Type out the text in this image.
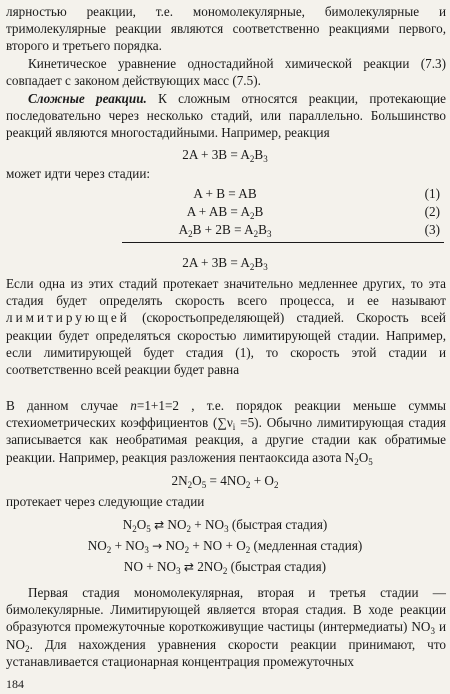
лярностью реакции, т.е. мономолекулярные, бимолекулярные и тримолекулярные реакции являются соответственно реакциями первого, второго и третьего порядка.

Кинетическое уравнение одностадийной химической реакции (7.3) совпадает с законом действующих масс (7.5).

Сложные реакции. К сложным относятся реакции, протекающие последовательно через несколько стадий, или параллельно. Большинство реакций являются многостадийными. Например, реакция

$2A + 3B = A_2B_3$

может идти через стадии:

A + B = AB	(1)
A + AB = $A_2B$	(2)
$A_2B + 2B = A_2B_3$	(3)
$2A + 3B = A_2B_3$

Если одна из этих стадий протекает значительно медленнее других, то эта стадия будет определять скорость всего процесса, и ее называют лимитирующей (скоростьопределяющей) стадией. Скорость всей реакции будет определяться скоростью лимитирующей стадии. Например, если лимитирующей будет стадия (1), то скорость этой стадии и соответственно всей реакции будет равна

В данном случае n=1+1=2 , т.е. порядок реакции меньше суммы стехиометрических коэффициентов $(\sum\nu_i =5)$. Обычно лимитирующая стадия записывается как необратимая реакция, а другие стадии как обратимые реакции. Например, реакция разложения пентаоксида азота $N_2O_5$

$2N_2O_5 = 4NO_2 + O_2$

протекает через следующие стадии

$N_2O_5$ ⇄ $NO_2 + NO_3$ (быстрая стадия)
$NO_2 + NO_3 \to NO_2$ + NO + $O_2$ (медленная стадия)
NO + $NO_3$ ⇄ $2NO_2$ (быстрая стадия)

Первая стадия мономолекулярная, вторая и третья стадии — бимолекулярные. Лимитирующей является вторая стадия. В ходе реакции образуются промежуточные короткоживущие частицы (интермедиаты) $NO_3$ и $NO_2$. Для нахождения уравнения скорости реакции принимают, что устанавливается стационарная концентрация промежуточных

184
